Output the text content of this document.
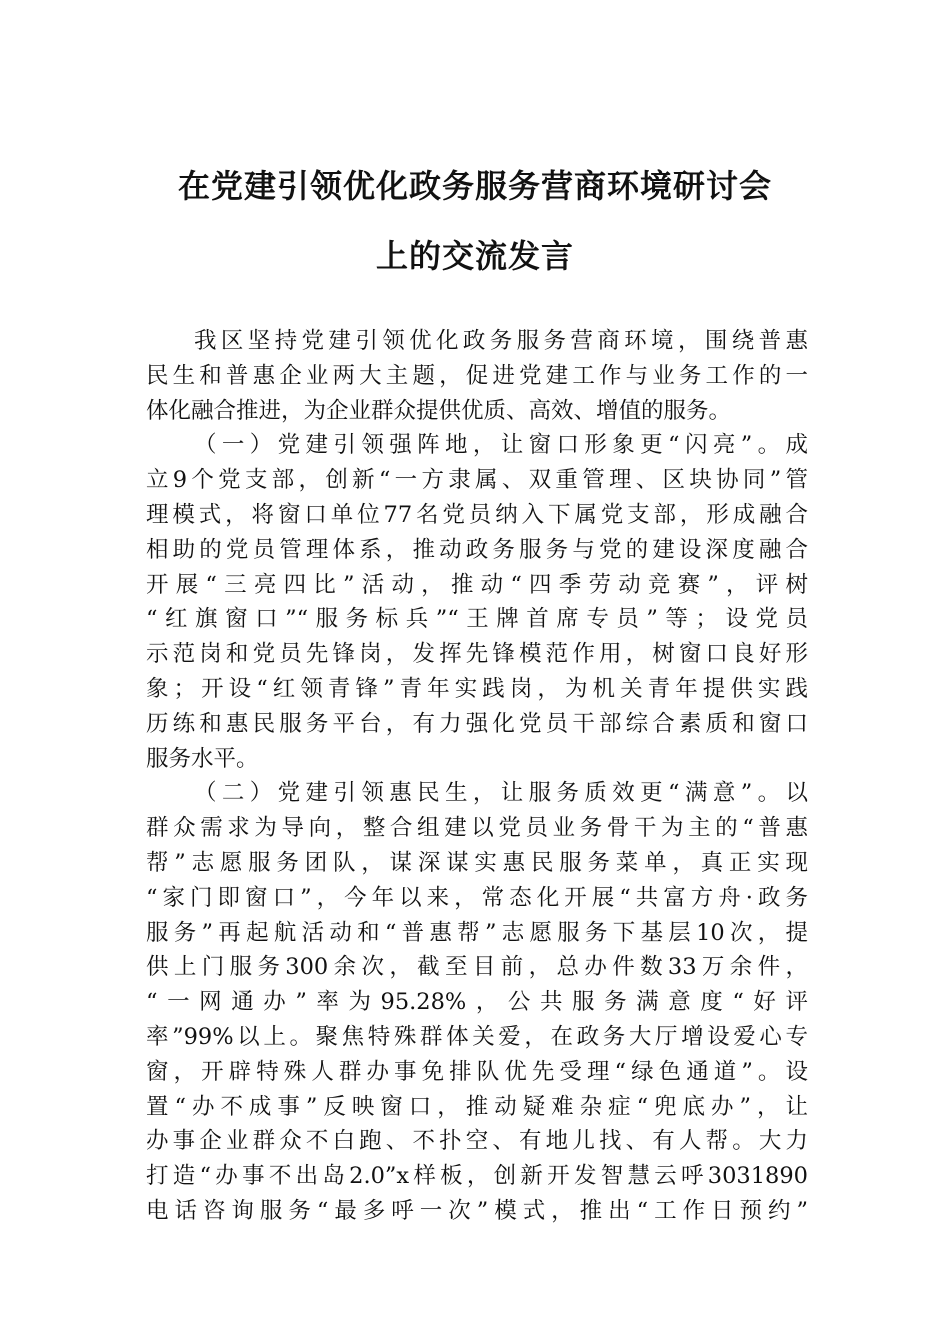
在党建引领优化政务服务营商环境研讨会
上的交流发言
我区坚持党建引领优化政务服务营商环境，围绕普惠
民生和普惠企业两大主题，促进党建工作与业务工作的一
体化融合推进，为企业群众提供优质、高效、增值的服务。
（一）党建引领强阵地，让窗口形象更“闪亮”。成
立9个党支部，创新“一方隶属、双重管理、区块协同”管
理模式，将窗口单位77名党员纳入下属党支部，形成融合
相助的党员管理体系，推动政务服务与党的建设深度融合
开展“三亮四比”活动，推动“四季劳动竞赛”，评树
“红旗窗口”“服务标兵”“王牌首席专员”等；设党员
示范岗和党员先锋岗，发挥先锋模范作用，树窗口良好形
象；开设“红领青锋”青年实践岗，为机关青年提供实践
历练和惠民服务平台，有力强化党员干部综合素质和窗口
服务水平。
（二）党建引领惠民生，让服务质效更“满意”。以
群众需求为导向，整合组建以党员业务骨干为主的“普惠
帮”志愿服务团队，谋深谋实惠民服务菜单，真正实现
“家门即窗口”，今年以来，常态化开展“共富方舟·政务
服务”再起航活动和“普惠帮”志愿服务下基层10次，提
供上门服务300余次，截至目前，总办件数33万余件，
“一网通办”率为95.28%，公共服务满意度“好评
率”99%以上。聚焦特殊群体关爱，在政务大厅增设爱心专
窗，开辟特殊人群办事免排队优先受理“绿色通道”。设
置“办不成事”反映窗口，推动疑难杂症“兜底办”，让
办事企业群众不白跑、不扑空、有地儿找、有人帮。大力
打造“办事不出岛2.0”x样板，创新开发智慧云呼3031890
电话咨询服务“最多呼一次”模式，推出“工作日预约”
